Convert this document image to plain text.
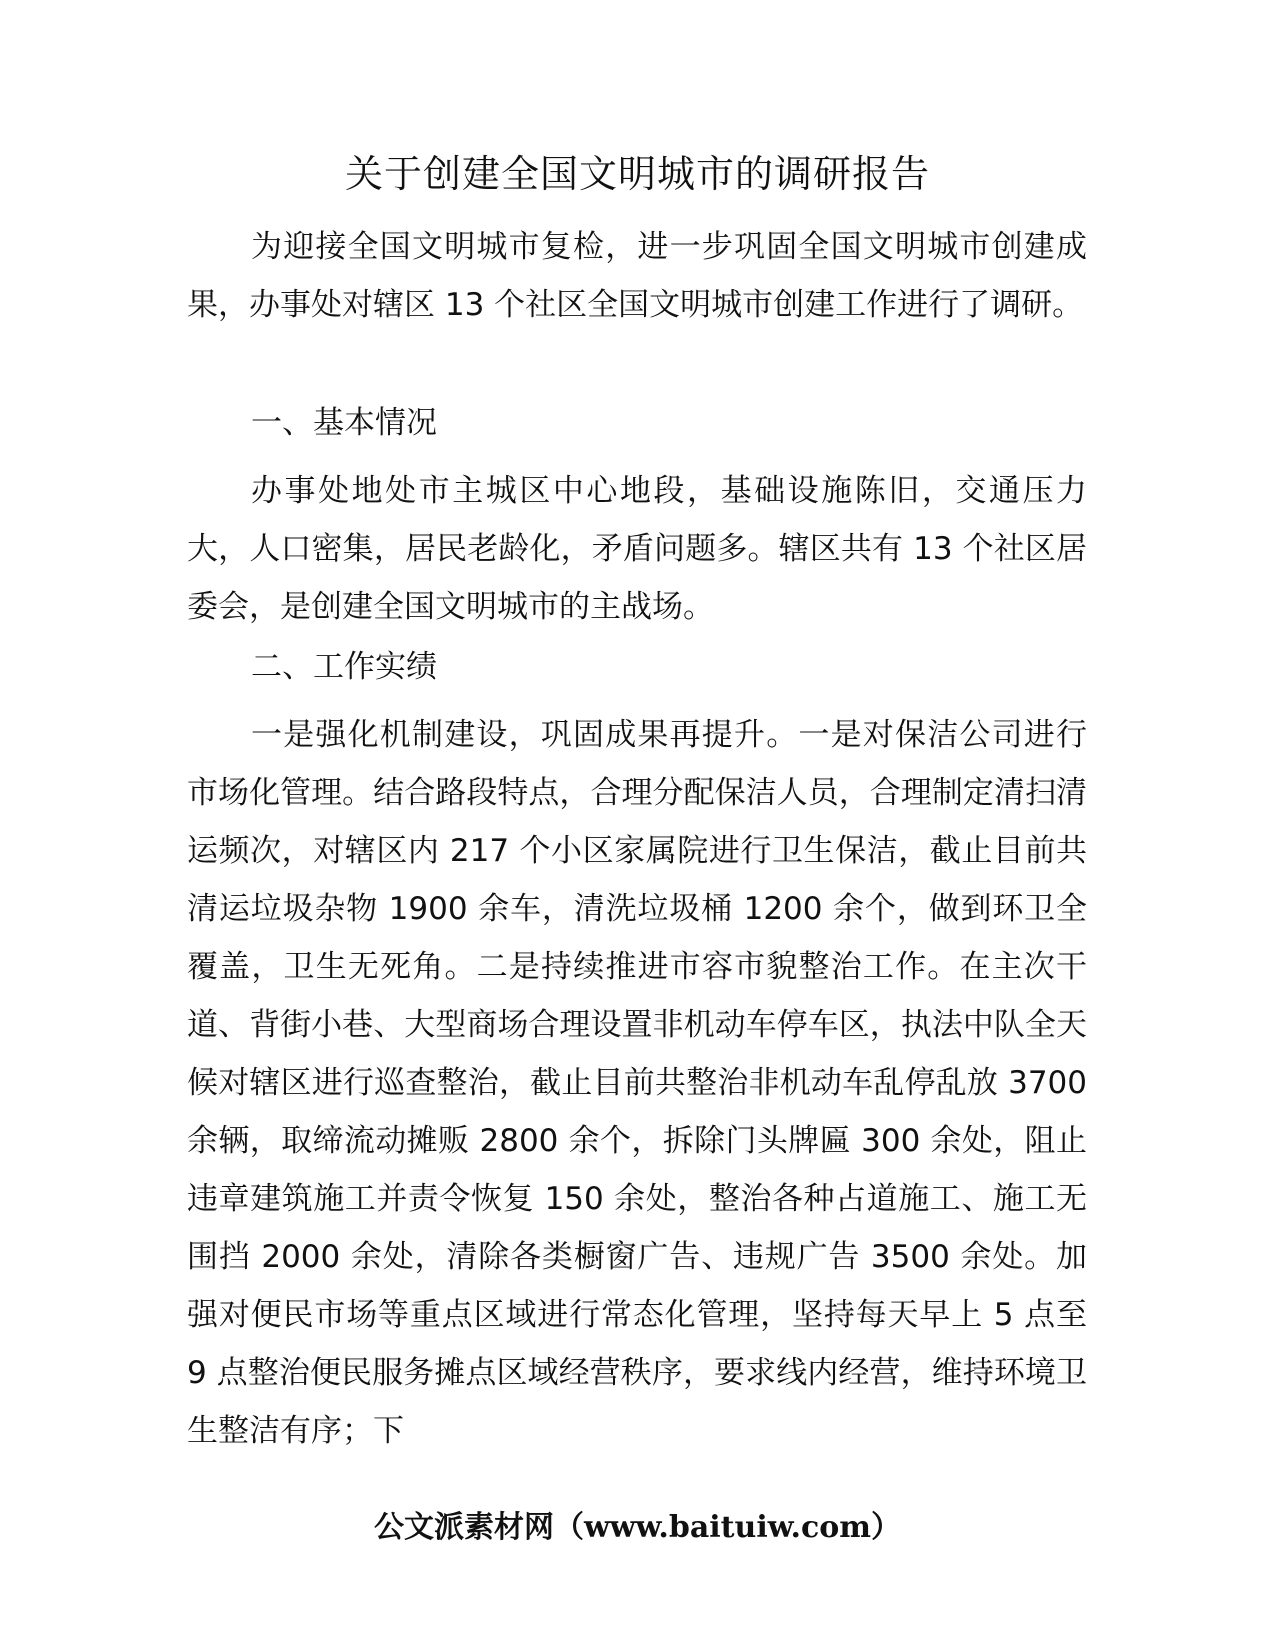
关于创建全国文明城市的调研报告

为迎接全国文明城市复检，进一步巩固全国文明城市创建成果，办事处对辖区 13 个社区全国文明城市创建工作进行了调研。

一、基本情况

办事处地处市主城区中心地段，基础设施陈旧，交通压力大，人口密集，居民老龄化，矛盾问题多。辖区共有 13 个社区居委会，是创建全国文明城市的主战场。

二、工作实绩

一是强化机制建设，巩固成果再提升。一是对保洁公司进行市场化管理。结合路段特点，合理分配保洁人员，合理制定清扫清运频次，对辖区内 217 个小区家属院进行卫生保洁，截止目前共清运垃圾杂物 1900 余车，清洗垃圾桶 1200 余个，做到环卫全覆盖，卫生无死角。二是持续推进市容市貌整治工作。在主次干道、背街小巷、大型商场合理设置非机动车停车区，执法中队全天候对辖区进行巡查整治，截止目前共整治非机动车乱停乱放 3700 余辆，取缔流动摊贩 2800 余个，拆除门头牌匾 300 余处，阻止违章建筑施工并责令恢复 150 余处，整治各种占道施工、施工无围挡 2000 余处，清除各类橱窗广告、违规广告 3500 余处。加强对便民市场等重点区域进行常态化管理，坚持每天早上 5 点至 9 点整治便民服务摊点区域经营秩序，要求线内经营，维持环境卫生整洁有序；下

公文派素材网（www.baituiw.com）
